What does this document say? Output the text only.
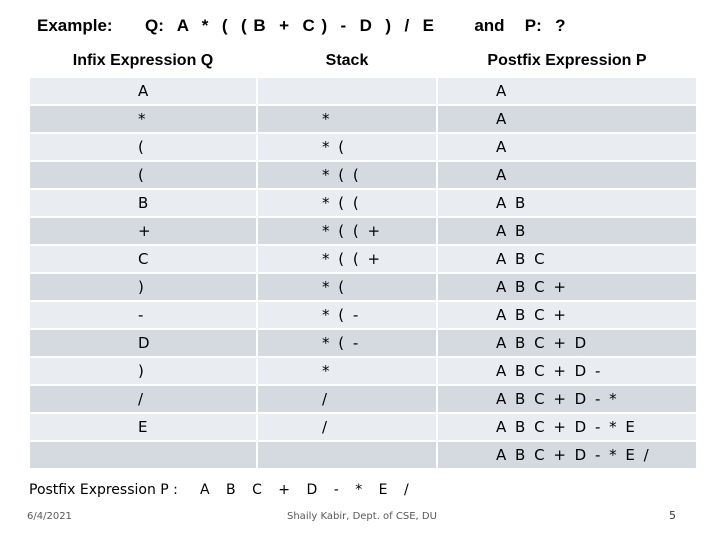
Example: Q:  A  *  (  ( B  +  C )  -  D  )  /  E      and   P:  ?
Infix Expression Q	Stack	Postfix Expression P
A		A
*	*	A
(	* (	A
(	* ( (	A
B	* ( (	A B
+	* ( ( +	A B
C	* ( ( +	A B C
)	* (	A B C +
-	* ( -	A B C +
D	* ( -	A B C + D
)	*	A B C + D -
/	/	A B C + D - *
E	/	A B C + D - * E
		A B C + D - * E /
Postfix Expression P : A B C + D - * E /
6/4/2021	Shaily Kabir, Dept. of CSE, DU	5
